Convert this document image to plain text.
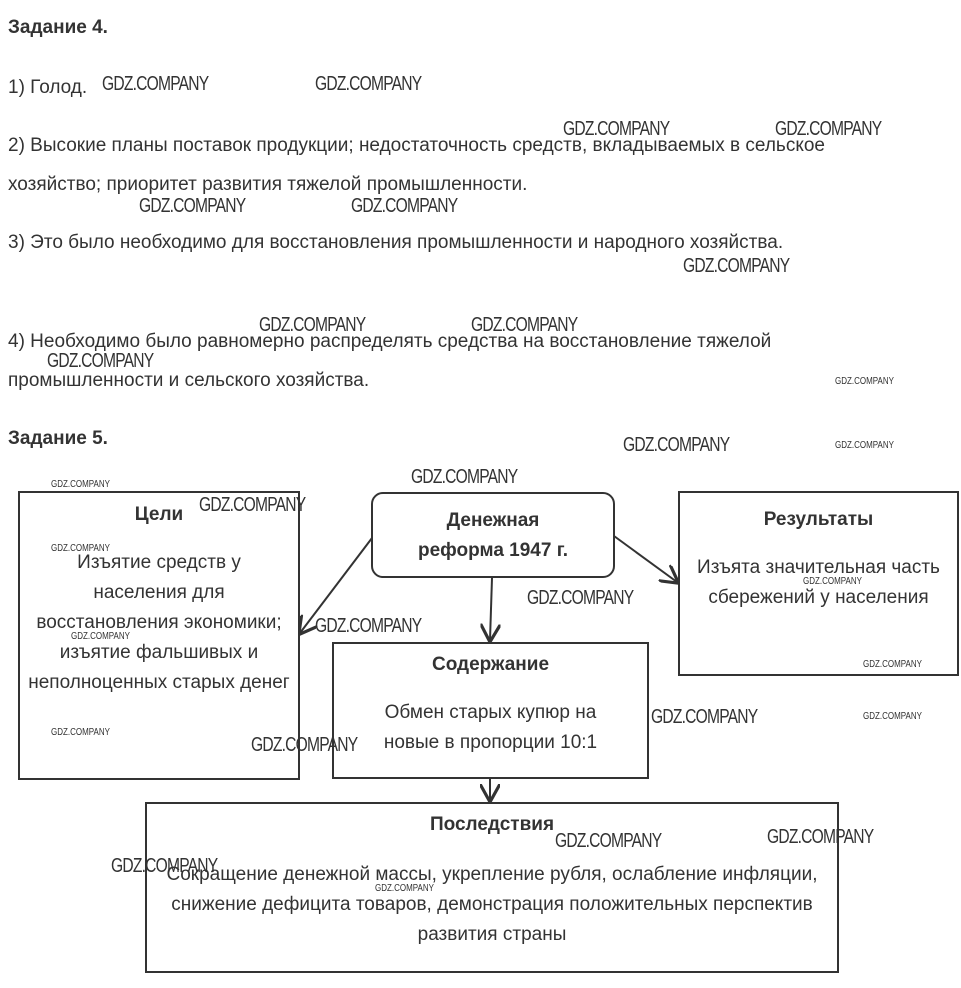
Задание 4.
1) Голод.
2) Высокие планы поставок продукции; недостаточность средств, вкладываемых в сельское хозяйство; приоритет развития тяжелой промышленности.
3) Это было необходимо для восстановления промышленности и народного хозяйства.
4) Необходимо было равномерно распределять средства на восстановление тяжелой промышленности и сельского хозяйства.
Задание 5.
Денежная реформа 1947 г.
Цели
Изъятие средств у населения для восстановления экономики; изъятие фальшивых и неполноценных старых денег
Результаты
Изъята значительная часть сбережений у населения
Содержание
Обмен старых купюр на новые в пропорции 10:1
Последствия
Сокращение денежной массы, укрепление рубля, ослабление инфляции, снижение дефицита товаров, демонстрация положительных перспектив развития страны
GDZ.COMPANY	GDZ.COMPANY
GDZ.COMPANY	GDZ.COMPANY
GDZ.COMPANY	GDZ.COMPANY
GDZ.COMPANY
GDZ.COMPANY	GDZ.COMPANY
GDZ.COMPANY
GDZ.COMPANY
GDZ.COMPANY	GDZ.COMPANY
GDZ.COMPANY
GDZ.COMPANY
GDZ.COMPANY
GDZ.COMPANY
GDZ.COMPANY
GDZ.COMPANY
GDZ.COMPANY
GDZ.COMPANY
GDZ.COMPANY
GDZ.COMPANY	GDZ.COMPANY
GDZ.COMPANY
GDZ.COMPANY
GDZ.COMPANY	GDZ.COMPANY
GDZ.COMPANY
GDZ.COMPANY
